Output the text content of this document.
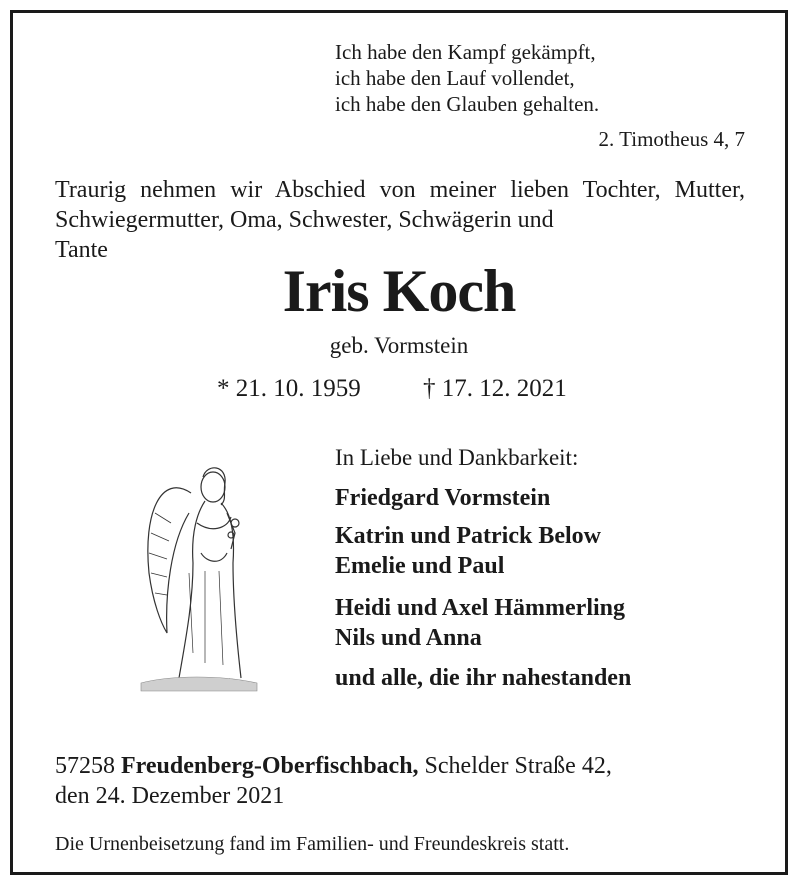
Ich habe den Kampf gekämpft,
ich habe den Lauf vollendet,
ich habe den Glauben gehalten.
2. Timotheus 4, 7
Traurig nehmen wir Abschied von meiner lieben Tochter, Mutter, Schwiegermutter, Oma, Schwester, Schwägerin und
Tante
Iris Koch
geb. Vormstein
* 21. 10. 1959 † 17. 12. 2021
In Liebe und Dankbarkeit:
Friedgard Vormstein
Katrin und Patrick Below
Emelie und Paul
Heidi und Axel Hämmerling
Nils und Anna
und alle, die ihr nahestanden
57258 Freudenberg-Oberfischbach, Schelder Straße 42,
den 24. Dezember 2021
Die Urnenbeisetzung fand im Familien- und Freundeskreis statt.
